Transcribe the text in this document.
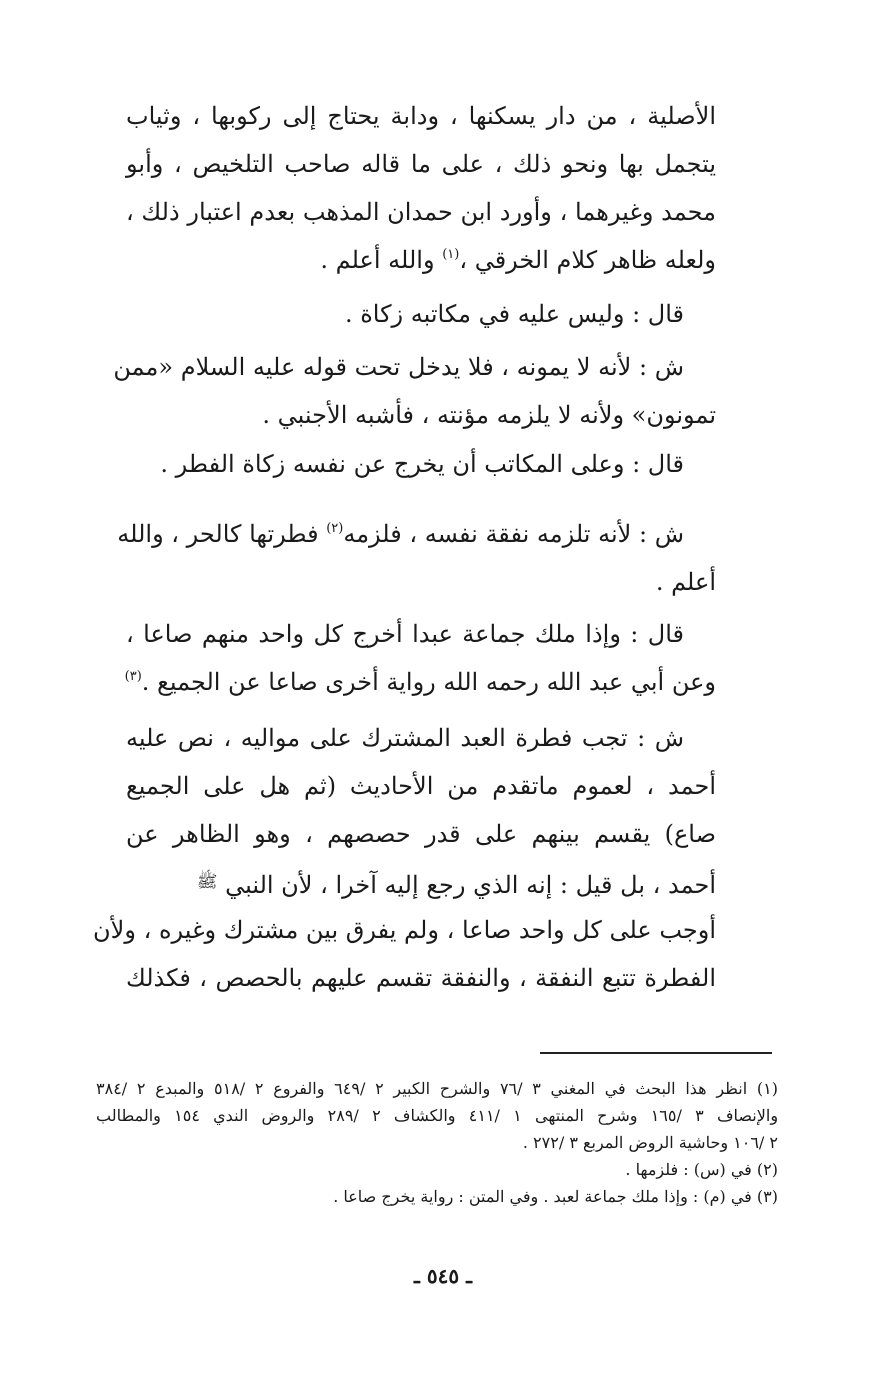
الأصلية ، من دار يسكنها ، ودابة يحتاج إلى ركوبها ، وثياب
يتجمل بها ونحو ذلك ، على ما قاله صاحب التلخيص ، وأبو
محمد وغيرهما ، وأورد ابن حمدان المذهب بعدم اعتبار ذلك ،
ولعله ظاهر كلام الخرقي ،$^{(١)}$ والله أعلم .
قال : وليس عليه في مكاتبه زكاة .
ش : لأنه لا يمونه ، فلا يدخل تحت قوله عليه السلام «ممن
تمونون» ولأنه لا يلزمه مؤنته ، فأشبه الأجنبي .
قال : وعلى المكاتب أن يخرج عن نفسه زكاة الفطر .
ش : لأنه تلزمه نفقة نفسه ، فلزمه$^{(٢)}$ فطرتها كالحر ، والله
أعلم .
قال : وإذا ملك جماعة عبدا أخرج كل واحد منهم صاعا ،
وعن أبي عبد الله رحمه الله رواية أخرى صاعا عن الجميع .$^{(٣)}$
ش : تجب فطرة العبد المشترك على مواليه ، نص عليه
أحمد ، لعموم ماتقدم من الأحاديث (ثم هل على الجميع
صاع) يقسم بينهم على قدر حصصهم ، وهو الظاهر عن
أحمد ، بل قيل : إنه الذي رجع إليه آخرا ، لأن النبي $^ﷺ$
أوجب على كل واحد صاعا ، ولم يفرق بين مشترك وغيره ، ولأن
الفطرة تتبع النفقة ، والنفقة تقسم عليهم بالحصص ، فكذلك
(١) انظر هذا البحث في المغني ٣ /٧٦ والشرح الكبير ٢ /٦٤٩ والفروع ٢ /٥١٨ والمبدع ٢ /٣٨٤
والإنصاف ٣ /١٦٥ وشرح المنتهى ١ /٤١١ والكشاف ٢ /٢٨٩ والروض الندي ١٥٤ والمطالب
٢ /١٠٦ وحاشية الروض المربع ٣ /٢٧٢ .
(٢) في (س) : فلزمها .
(٣) في (م) : وإذا ملك جماعة لعبد . وفي المتن : رواية يخرج صاعا .
ـ ٥٤٥ ـ
